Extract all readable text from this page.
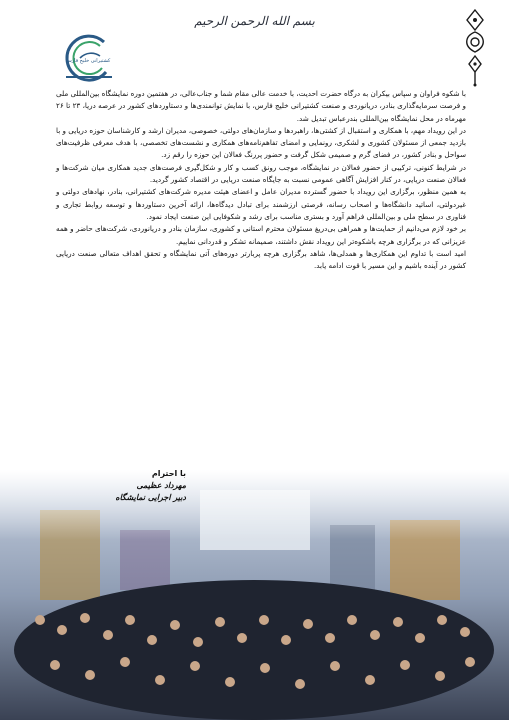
بسم الله الرحمن الرحیم
کشتیرانی خلیج فارس

با شکوه فراوان و سپاس بیکران به درگاه حضرت احدیت، با خدمت عالی مقام شما و جناب‌عالی، در هفتمین دوره نمایشگاه بین‌المللی ملی و فرصت سرمایه‌گذاری بنادر، دریانوردی و صنعت کشتیرانی خلیج فارس، با نمایش توانمندی‌ها و دستاوردهای کشور در عرصه دریا، ۲۳ تا ۲۶ مهرماه در محل نمایشگاه بین‌المللی بندرعباس تبدیل شد.

در این رویداد مهم، با همکاری و استقبال از کشتی‌ها، راهبردها و سازمان‌های دولتی، خصوصی، مدیران ارشد و کارشناسان حوزه دریایی و با بازدید جمعی از مسئولان کشوری و لشکری، رونمایی و امضای تفاهم‌نامه‌های همکاری و نشست‌های تخصصی، با هدف معرفی ظرفیت‌های سواحل و بنادر کشور، در فضای گرم و صمیمی شکل گرفت و حضور پررنگ فعالان این حوزه را رقم زد.

در شرایط کنونی، ترکیبی از حضور فعالان در نمایشگاه، موجب رونق کسب و کار و شکل‌گیری فرصت‌های جدید همکاری میان شرکت‌ها و فعالان صنعت دریایی، در کنار افزایش آگاهی عمومی نسبت به جایگاه صنعت دریایی در اقتصاد کشور گردید.

به همین منظور، برگزاری این رویداد با حضور گسترده مدیران عامل و اعضای هیئت مدیره شرکت‌های کشتیرانی، بنادر، نهادهای دولتی و غیردولتی، اساتید دانشگاه‌ها و اصحاب رسانه، فرصتی ارزشمند برای تبادل دیدگاه‌ها، ارائه آخرین دستاوردها و توسعه روابط تجاری و فناوری در سطح ملی و بین‌المللی فراهم آورد و بستری مناسب برای رشد و شکوفایی این صنعت ایجاد نمود.

بر خود لازم می‌دانیم از حمایت‌ها و همراهی بی‌دریغ مسئولان محترم استانی و کشوری، سازمان بنادر و دریانوردی، شرکت‌های حاضر و همه عزیزانی که در برگزاری هرچه باشکوه‌تر این رویداد نقش داشتند، صمیمانه تشکر و قدردانی نماییم.

امید است با تداوم این همکاری‌ها و همدلی‌ها، شاهد برگزاری هرچه پربارتر دوره‌های آتی نمایشگاه و تحقق اهداف متعالی صنعت دریایی کشور در آینده باشیم و این مسیر با قوت ادامه یابد.

با احترام
مهرداد عظیمی
دبیر اجرایی نمایشگاه
